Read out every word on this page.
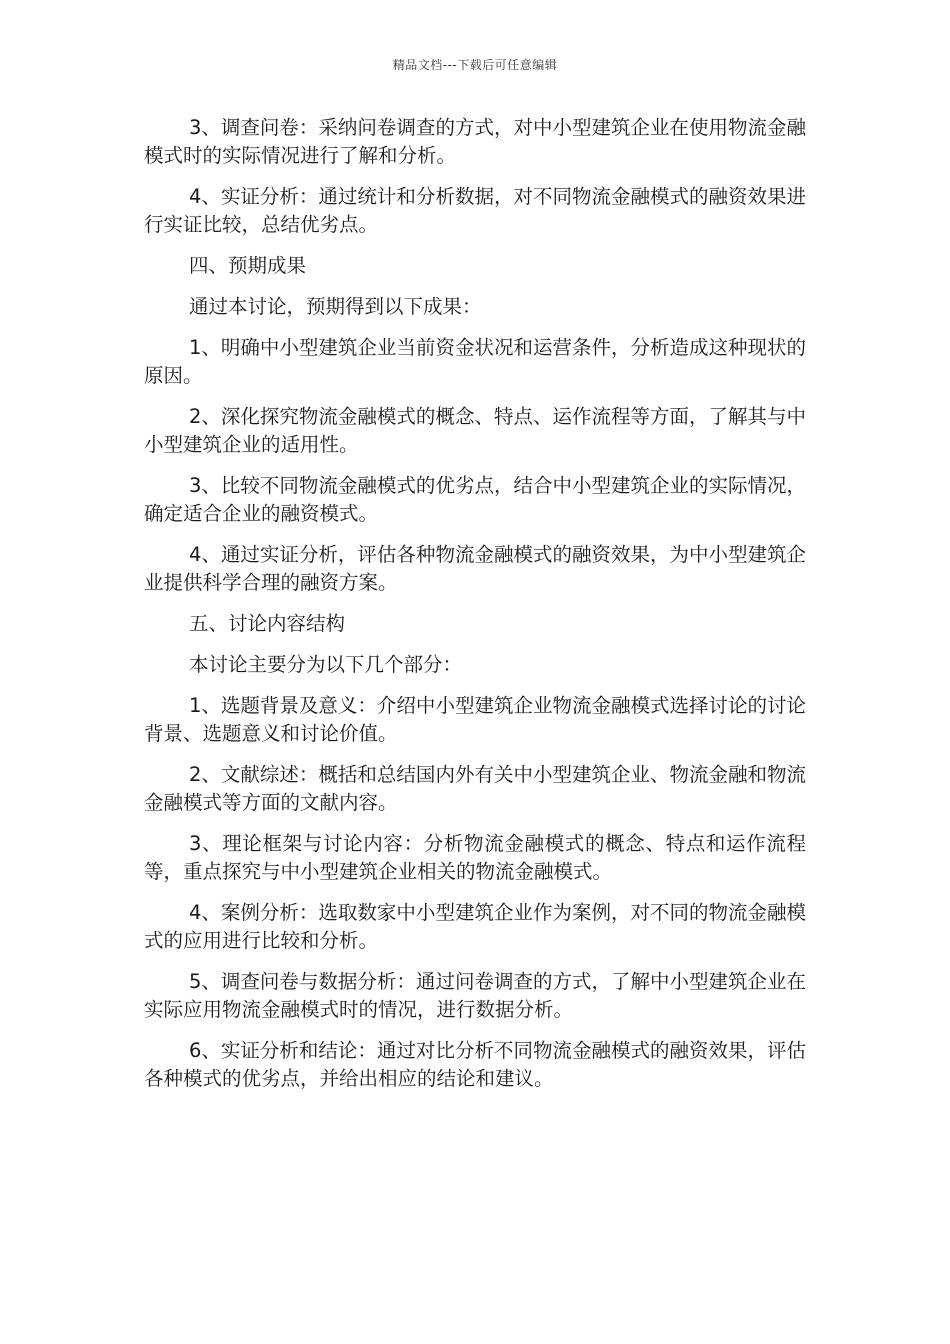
精品文档---下载后可任意编辑

3、调查问卷：采纳问卷调查的方式，对中小型建筑企业在使用物流金融模式时的实际情况进行了解和分析。

4、实证分析：通过统计和分析数据，对不同物流金融模式的融资效果进行实证比较，总结优劣点。

四、预期成果

通过本讨论，预期得到以下成果：

1、明确中小型建筑企业当前资金状况和运营条件，分析造成这种现状的原因。

2、深化探究物流金融模式的概念、特点、运作流程等方面，了解其与中小型建筑企业的适用性。

3、比较不同物流金融模式的优劣点，结合中小型建筑企业的实际情况，确定适合企业的融资模式。

4、通过实证分析，评估各种物流金融模式的融资效果，为中小型建筑企业提供科学合理的融资方案。

五、讨论内容结构

本讨论主要分为以下几个部分：

1、选题背景及意义：介绍中小型建筑企业物流金融模式选择讨论的讨论背景、选题意义和讨论价值。

2、文献综述：概括和总结国内外有关中小型建筑企业、物流金融和物流金融模式等方面的文献内容。

3、理论框架与讨论内容：分析物流金融模式的概念、特点和运作流程等，重点探究与中小型建筑企业相关的物流金融模式。

4、案例分析：选取数家中小型建筑企业作为案例，对不同的物流金融模式的应用进行比较和分析。

5、调查问卷与数据分析：通过问卷调查的方式，了解中小型建筑企业在实际应用物流金融模式时的情况，进行数据分析。

6、实证分析和结论：通过对比分析不同物流金融模式的融资效果，评估各种模式的优劣点，并给出相应的结论和建议。
